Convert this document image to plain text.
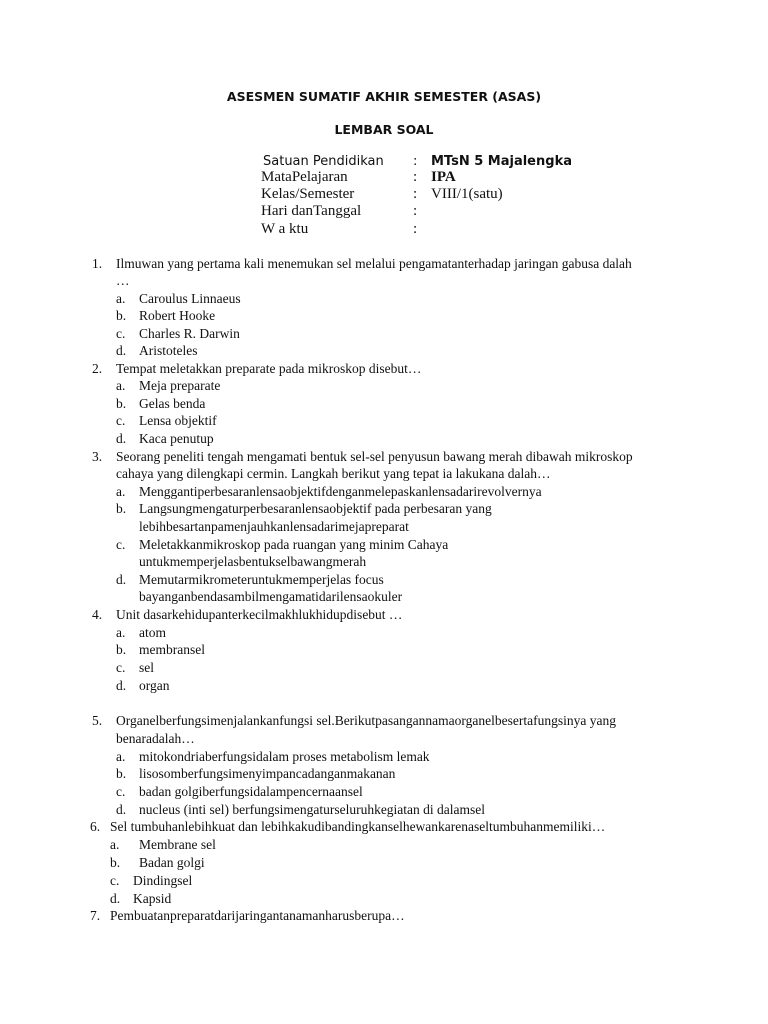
ASESMEN SUMATIF AKHIR SEMESTER (ASAS)
LEMBAR SOAL
Satuan Pendidikan : MTsN 5 Majalengka
MataPelajaran	: IPA
Kelas/Semester	: VIII/1(satu)
Hari danTanggal	:
W a ktu	:
1.	Ilmuwan yang pertama kali menemukan sel melalui pengamatanterhadap jaringan gabusa dalah
…
a. Caroulus Linnaeus
b. Robert Hooke
c. Charles R. Darwin
d. Aristoteles
2.	Tempat meletakkan preparate pada mikroskop disebut…
a. Meja preparate
b. Gelas benda
c. Lensa objektif
d. Kaca penutup
3.	Seorang peneliti tengah mengamati bentuk sel-sel penyusun bawang merah dibawah mikroskop
cahaya yang dilengkapi cermin. Langkah berikut yang tepat ia lakukana dalah…
a. Menggantiperbesaranlensaobjektifdenganmelepaskanlensadarirevolvernya
b. Langsungmengaturperbesaranlensaobjektif pada perbesaran yang
lebihbesartanpamenjauhkanlensadarimejapreparat
c. Meletakkanmikroskop pada ruangan yang minim Cahaya
untukmemperjelasbentukselbawangmerah
d. Memutarmikrometeruntukmemperjelas focus
bayanganbendasambilmengamatidarilensaokuler
4.	Unit dasarkehidupanterkecilmakhlukhidupdisebut …
a. atom
b. membransel
c. sel
d. organ
5.	Organelberfungsimenjalankanfungsi sel.Berikutpasangannamaorganelbesertafungsinya yang
benaradalah…
a. mitokondriaberfungsidalam proses metabolism lemak
b. lisosomberfungsimenyimpancadanganmakanan
c. badan golgiberfungsidalampencernaansel
d. nucleus (inti sel) berfungsimengaturseluruhkegiatan di dalamsel
6. Sel tumbuhanlebihkuat dan lebihkakudibandingkanselhewankarenaseltumbuhanmemiliki…
a. Membrane sel
b. Badan golgi
c. Dindingsel
d. Kapsid
7. Pembuatanpreparatdarijaringantanamanharusberupa…
